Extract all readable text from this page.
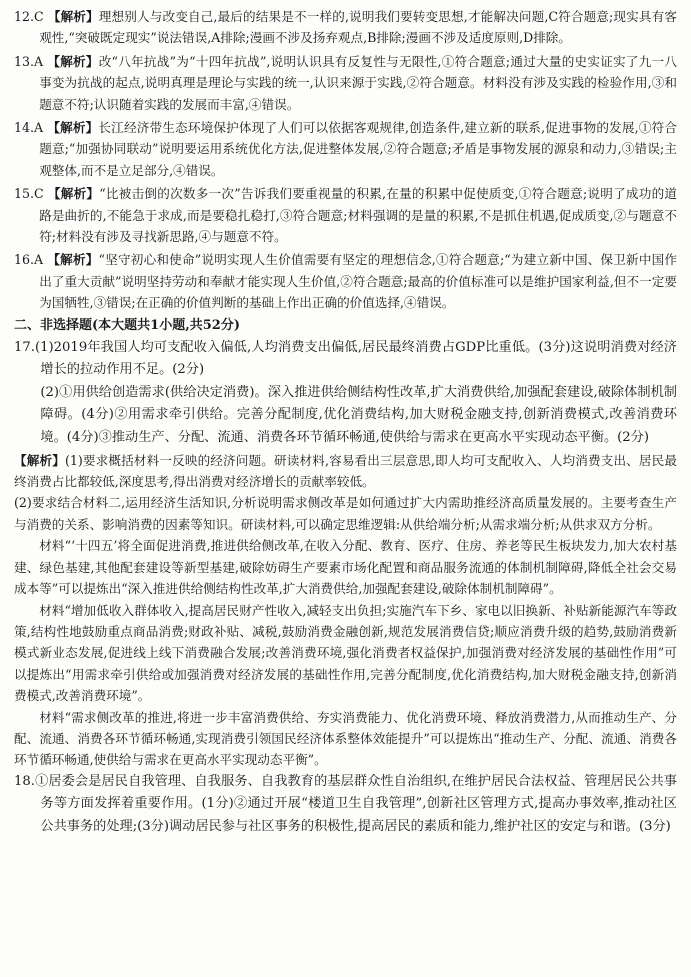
12.C 【解析】理想别人与改变自己,最后的结果是不一样的,说明我们要转变思想,才能解决问题,C符合题意;现实具有客观性,“突破既定现实”说法错误,A排除;漫画不涉及扬弃观点,B排除;漫画不涉及适度原则,D排除。

13.A 【解析】改“八年抗战”为“十四年抗战”,说明认识具有反复性与无限性,①符合题意;通过大量的史实证实了九一八事变为抗战的起点,说明真理是理论与实践的统一,认识来源于实践,②符合题意。材料没有涉及实践的检验作用,③和题意不符;认识随着实践的发展而丰富,④错误。

14.A 【解析】长江经济带生态环境保护体现了人们可以依据客观规律,创造条件,建立新的联系,促进事物的发展,①符合题意;“加强协同联动”说明要运用系统优化方法,促进整体发展,②符合题意;矛盾是事物发展的源泉和动力,③错误;主观整体,而不是立足部分,④错误。

15.C 【解析】“比被击倒的次数多一次”告诉我们要重视量的积累,在量的积累中促使质变,①符合题意;说明了成功的道路是曲折的,不能急于求成,而是要稳扎稳打,③符合题意;材料强调的是量的积累,不是抓住机遇,促成质变,②与题意不符;材料没有涉及寻找新思路,④与题意不符。

16.A 【解析】“坚守初心和使命”说明实现人生价值需要有坚定的理想信念,①符合题意;“为建立新中国、保卫新中国作出了重大贡献”说明坚持劳动和奉献才能实现人生价值,②符合题意;最高的价值标准可以是维护国家利益,但不一定要为国牺牲,③错误;在正确的价值判断的基础上作出正确的价值选择,④错误。

二、非选择题(本大题共1小题,共52分)

17.(1)2019年我国人均可支配收入偏低,人均消费支出偏低,居民最终消费占GDP比重低。(3分)这说明消费对经济增长的拉动作用不足。(2分)

(2)①用供给创造需求(供给决定消费)。深入推进供给侧结构性改革,扩大消费供给,加强配套建设,破除体制机制障碍。(4分)②用需求牵引供给。完善分配制度,优化消费结构,加大财税金融支持,创新消费模式,改善消费环境。(4分)③推动生产、分配、流通、消费各环节循环畅通,使供给与需求在更高水平实现动态平衡。(2分)

【解析】(1)要求概括材料一反映的经济问题。研读材料,容易看出三层意思,即人均可支配收入、人均消费支出、居民最终消费占比都较低,深度思考,得出消费对经济增长的贡献率较低。

(2)要求结合材料二,运用经济生活知识,分析说明需求侧改革是如何通过扩大内需助推经济高质量发展的。主要考查生产与消费的关系、影响消费的因素等知识。研读材料,可以确定思维逻辑:从供给端分析;从需求端分析;从供求双方分析。

材料“‘十四五’将全面促进消费,推进供给侧改革,在收入分配、教育、医疗、住房、养老等民生板块发力,加大农村基建、绿色基建,其他配套建设等新型基建,破除妨碍生产要素市场化配置和商品服务流通的体制机制障碍,降低全社会交易成本等”可以提炼出“深入推进供给侧结构性改革,扩大消费供给,加强配套建设,破除体制机制障碍”。

材料“增加低收入群体收入,提高居民财产性收入,减轻支出负担;实施汽车下乡、家电以旧换新、补贴新能源汽车等政策,结构性地鼓励重点商品消费;财政补贴、减税,鼓励消费金融创新,规范发展消费信贷;顺应消费升级的趋势,鼓励消费新模式新业态发展,促进线上线下消费融合发展;改善消费环境,强化消费者权益保护,加强消费对经济发展的基础性作用”可以提炼出“用需求牵引供给或加强消费对经济发展的基础性作用,完善分配制度,优化消费结构,加大财税金融支持,创新消费模式,改善消费环境”。

材料“需求侧改革的推进,将进一步丰富消费供给、夯实消费能力、优化消费环境、释放消费潜力,从而推动生产、分配、流通、消费各环节循环畅通,实现消费引领国民经济体系整体效能提升”可以提炼出“推动生产、分配、流通、消费各环节循环畅通,使供给与需求在更高水平实现动态平衡”。

18.①居委会是居民自我管理、自我服务、自我教育的基层群众性自治组织,在维护居民合法权益、管理居民公共事务等方面发挥着重要作用。(1分)②通过开展“楼道卫生自我管理”,创新社区管理方式,提高办事效率,推动社区公共事务的处理;(3分)调动居民参与社区事务的积极性,提高居民的素质和能力,维护社区的安定与和谐。(3分)
